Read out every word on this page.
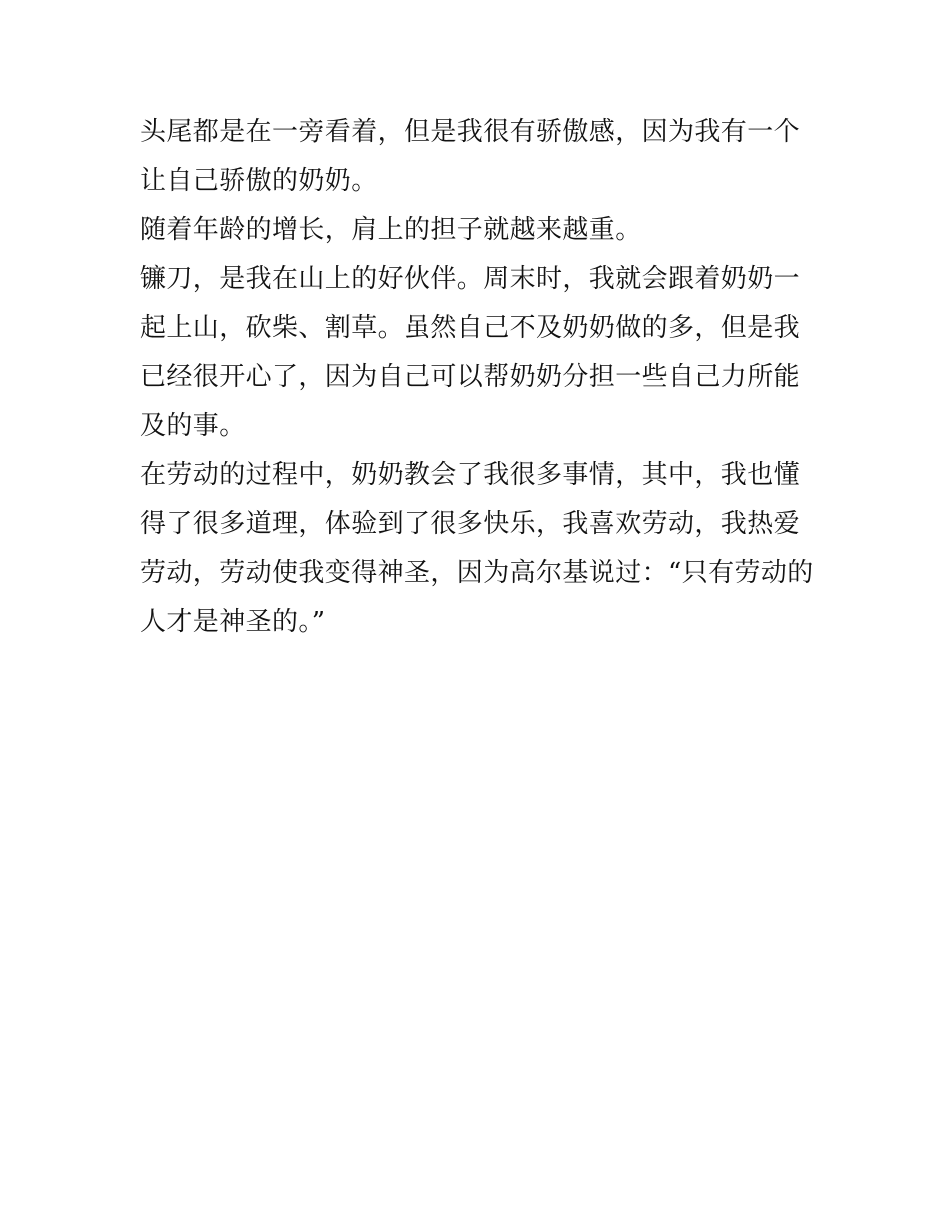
头尾都是在一旁看着，但是我很有骄傲感，因为我有一个让自己骄傲的奶奶。

随着年龄的增长，肩上的担子就越来越重。

镰刀，是我在山上的好伙伴。周末时，我就会跟着奶奶一起上山，砍柴、割草。虽然自己不及奶奶做的多，但是我已经很开心了，因为自己可以帮奶奶分担一些自己力所能及的事。

在劳动的过程中，奶奶教会了我很多事情，其中，我也懂得了很多道理，体验到了很多快乐，我喜欢劳动，我热爱劳动，劳动使我变得神圣，因为高尔基说过：“只有劳动的人才是神圣的。”
